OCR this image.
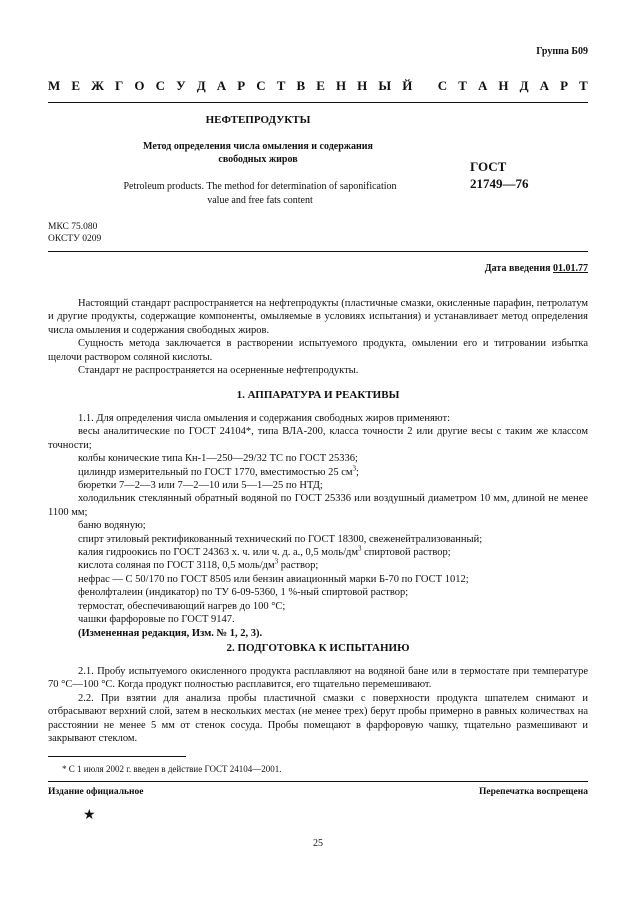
Группа Б09
М Е Ж Г О С У Д А Р С Т В Е Н Н Ы Й
С Т А Н Д А Р Т
НЕФТЕПРОДУКТЫ
Метод определения числа омыления и содержания
свободных жиров
Petroleum products. The method for determination of saponification
value and free fats content
ГОСТ
21749—76
МКС 75.080
ОКСТУ 0209
Дата введения 01.01.77

Настоящий стандарт распространяется на нефтепродукты (пластичные смазки, окисленные парафин, петролатум и другие продукты, содержащие компоненты, омыляемые в условиях испытания) и устанавливает метод определения числа омыления и содержания свободных жиров.

Сущность метода заключается в растворении испытуемого продукта, омылении его и титровании избытка щелочи раствором соляной кислоты.

Стандарт не распространяется на осерненные нефтепродукты.

1. АППАРАТУРА И РЕАКТИВЫ

1.1. Для определения числа омыления и содержания свободных жиров применяют:

весы аналитические по ГОСТ 24104*, типа ВЛА-200, класса точности 2 или другие весы с таким же классом точности;

колбы конические типа Кн-1—250—29/32 ТС по ГОСТ 25336;

цилиндр измерительный по ГОСТ 1770, вместимостью 25 $см^3$;

бюретки 7—2—3 или 7—2—10 или 5—1—25 по НТД;

холодильник стеклянный обратный водяной по ГОСТ 25336 или воздушный диаметром 10 мм, длиной не менее 1100 мм;

баню водяную;

спирт этиловый ректификованный технический по ГОСТ 18300, свеженейтрализованный;

калия гидроокись по ГОСТ 24363 х. ч. или ч. д. а., 0,5 моль/$дм^3$ спиртовой раствор;

кислота соляная по ГОСТ 3118, 0,5 моль/$дм^3$ раствор;

нефрас — С 50/170 по ГОСТ 8505 или бензин авиационный марки Б-70 по ГОСТ 1012;

фенолфталеин (индикатор) по ТУ 6-09-5360, 1 %-ный спиртовой раствор;

термостат, обеспечивающий нагрев до 100 °С;

чашки фарфоровые по ГОСТ 9147.

(Измененная редакция, Изм. № 1, 2, 3).

2. ПОДГОТОВКА К ИСПЫТАНИЮ

2.1. Пробу испытуемого окисленного продукта расплавляют на водяной бане или в термостате при температуре 70 °С—100 °С. Когда продукт полностью расплавится, его тщательно перемешивают.

2.2. При взятии для анализа пробы пластичной смазки с поверхности продукта шпателем снимают и отбрасывают верхний слой, затем в нескольких местах (не менее трех) берут пробы примерно в равных количествах на расстоянии не менее 5 мм от стенок сосуда. Пробы помещают в фарфоровую чашку, тщательно размешивают и закрывают стеклом.

* С 1 июля 2002 г. введен в действие ГОСТ 24104—2001.
Издание официальное	Перепечатка воспрещена
★
25
